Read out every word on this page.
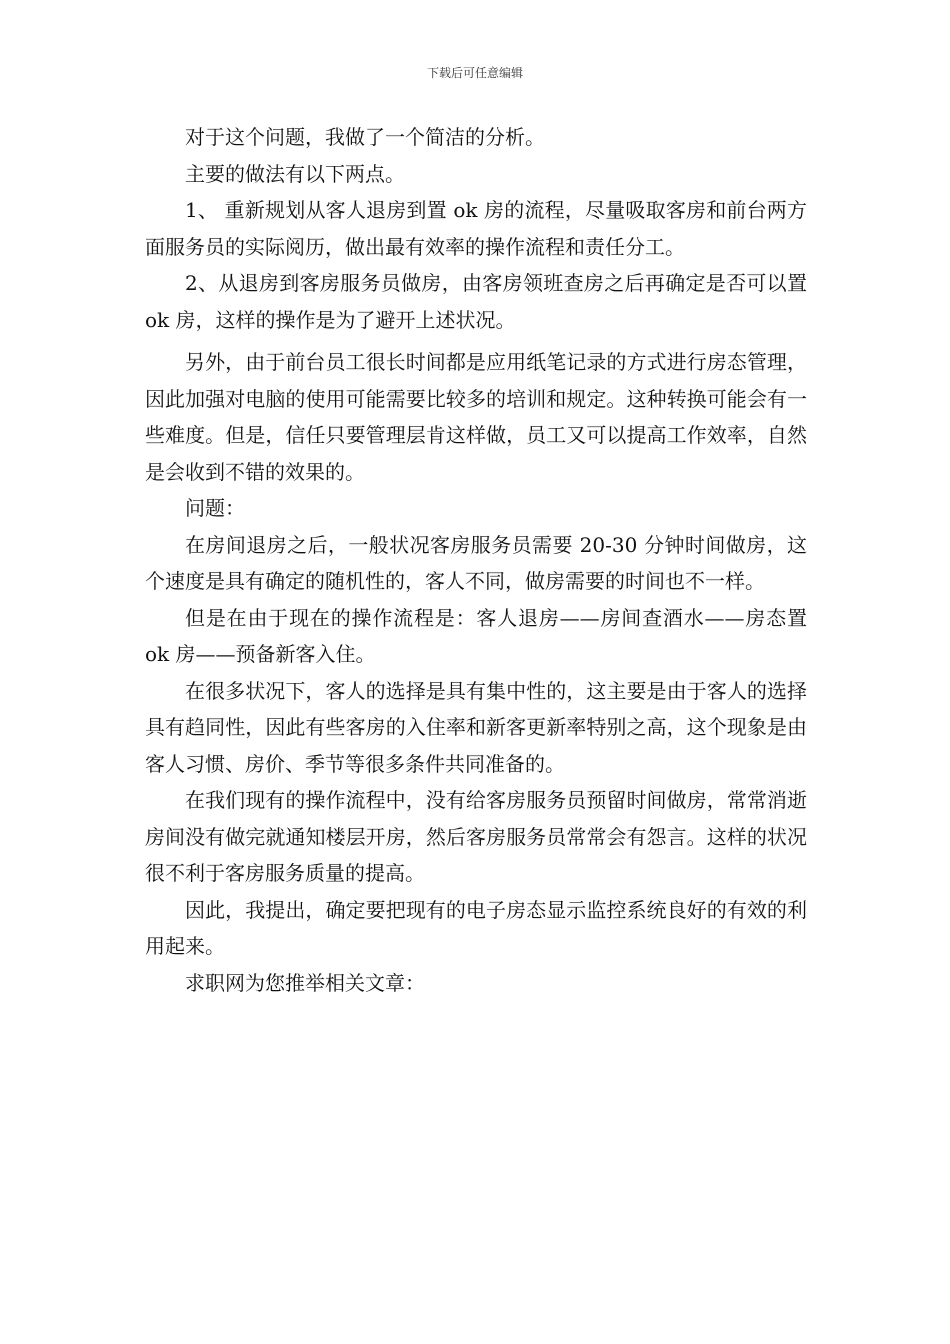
下载后可任意编辑

对于这个问题，我做了一个简洁的分析。

主要的做法有以下两点。

1、 重新规划从客人退房到置 ok 房的流程，尽量吸取客房和前台两方面服务员的实际阅历，做出最有效率的操作流程和责任分工。

2、从退房到客房服务员做房，由客房领班查房之后再确定是否可以置 ok 房，这样的操作是为了避开上述状况。

另外，由于前台员工很长时间都是应用纸笔记录的方式进行房态管理，因此加强对电脑的使用可能需要比较多的培训和规定。这种转换可能会有一些难度。但是，信任只要管理层肯这样做，员工又可以提高工作效率，自然是会收到不错的效果的。

问题：

在房间退房之后，一般状况客房服务员需要 20-30 分钟时间做房，这个速度是具有确定的随机性的，客人不同，做房需要的时间也不一样。

但是在由于现在的操作流程是：客人退房——房间查酒水——房态置 ok 房——预备新客入住。

在很多状况下，客人的选择是具有集中性的，这主要是由于客人的选择具有趋同性，因此有些客房的入住率和新客更新率特别之高，这个现象是由客人习惯、房价、季节等很多条件共同准备的。

在我们现有的操作流程中，没有给客房服务员预留时间做房，常常消逝房间没有做完就通知楼层开房，然后客房服务员常常会有怨言。这样的状况很不利于客房服务质量的提高。

因此，我提出，确定要把现有的电子房态显示监控系统良好的有效的利用起来。

求职网为您推举相关文章：
